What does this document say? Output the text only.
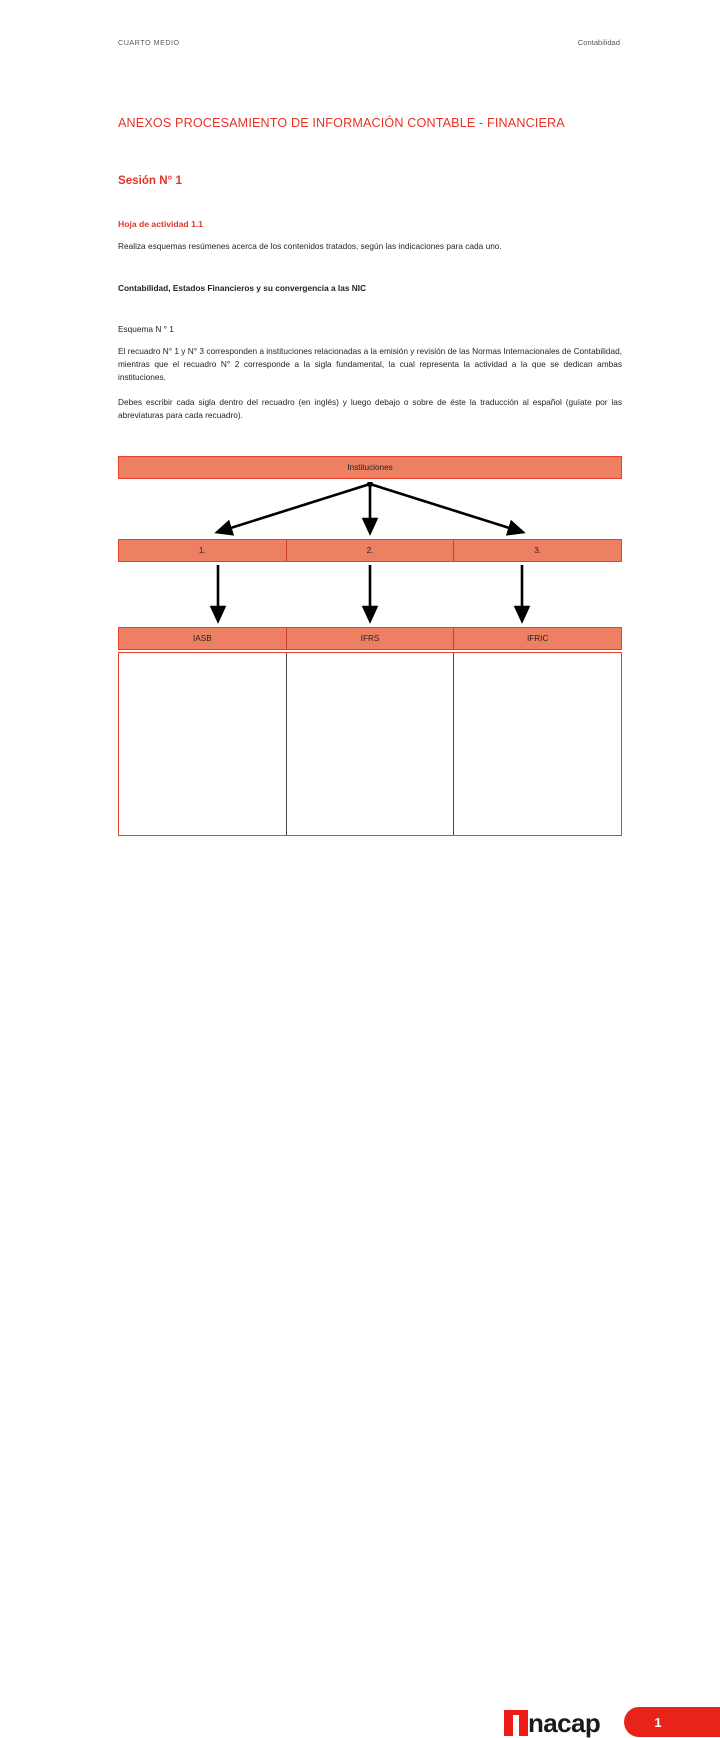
CUARTO MEDIO	Contabilidad
ANEXOS PROCESAMIENTO DE INFORMACIÓN CONTABLE - FINANCIERA
Sesión N° 1
Hoja de actividad 1.1
Realiza esquemas resúmenes acerca de los contenidos tratados, según las indicaciones para cada uno.
Contabilidad, Estados Financieros y su convergencia a las NIC
Esquema N ° 1
El recuadro N° 1 y N° 3 corresponden a instituciones relacionadas a la emisión y revisión de las Normas Internacionales de Contabilidad, mientras que el recuadro N° 2 corresponde a la sigla fundamental, la cual representa la actividad a la que se dedican ambas instituciones.
Debes escribir cada sigla dentro del recuadro (en inglés) y luego debajo o sobre de éste la traducción al español (guíate por las abreviaturas para cada recuadro).
Instituciones
1.	2.	3.
IASB	IFRS	IFRIC
nacap	1
